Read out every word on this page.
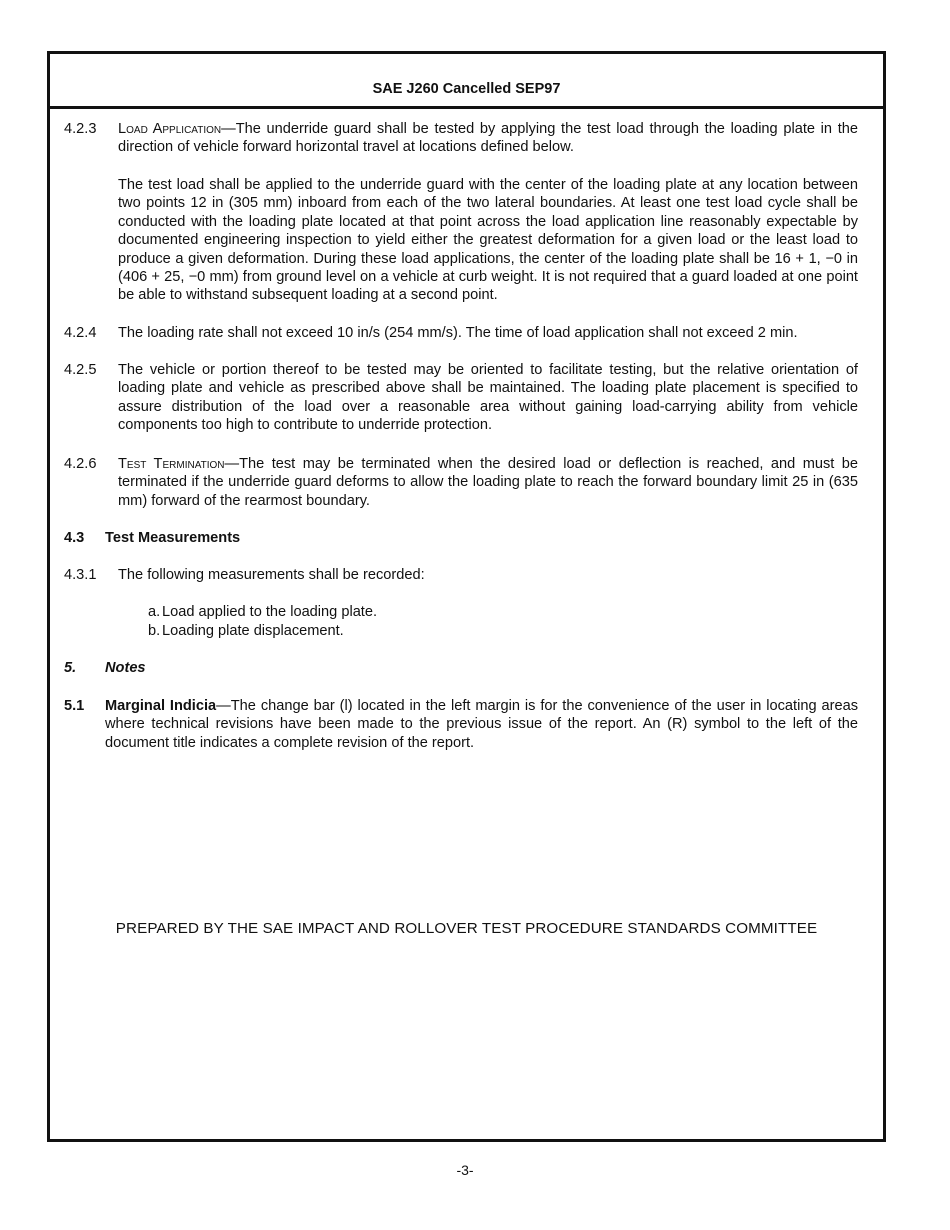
SAE J260 Cancelled SEP97
4.2.3 Load Application—The underride guard shall be tested by applying the test load through the loading plate in the direction of vehicle forward horizontal travel at locations defined below.
The test load shall be applied to the underride guard with the center of the loading plate at any location between two points 12 in (305 mm) inboard from each of the two lateral boundaries. At least one test load cycle shall be conducted with the loading plate located at that point across the load application line reasonably expectable by documented engineering inspection to yield either the greatest deformation for a given load or the least load to produce a given deformation. During these load applications, the center of the loading plate shall be 16 + 1, −0 in (406 + 25, −0 mm) from ground level on a vehicle at curb weight. It is not required that a guard loaded at one point be able to withstand subsequent loading at a second point.
4.2.4 The loading rate shall not exceed 10 in/s (254 mm/s). The time of load application shall not exceed 2 min.
4.2.5 The vehicle or portion thereof to be tested may be oriented to facilitate testing, but the relative orientation of loading plate and vehicle as prescribed above shall be maintained. The loading plate placement is specified to assure distribution of the load over a reasonable area without gaining load-carrying ability from vehicle components too high to contribute to underride protection.
4.2.6 Test Termination—The test may be terminated when the desired load or deflection is reached, and must be terminated if the underride guard deforms to allow the loading plate to reach the forward boundary limit 25 in (635 mm) forward of the rearmost boundary.
4.3 Test Measurements
4.3.1 The following measurements shall be recorded:
a. Load applied to the loading plate.
b. Loading plate displacement.
5. Notes
5.1 Marginal Indicia—The change bar (l) located in the left margin is for the convenience of the user in locating areas where technical revisions have been made to the previous issue of the report. An (R) symbol to the left of the document title indicates a complete revision of the report.
PREPARED BY THE SAE IMPACT AND ROLLOVER TEST PROCEDURE STANDARDS COMMITTEE
-3-
